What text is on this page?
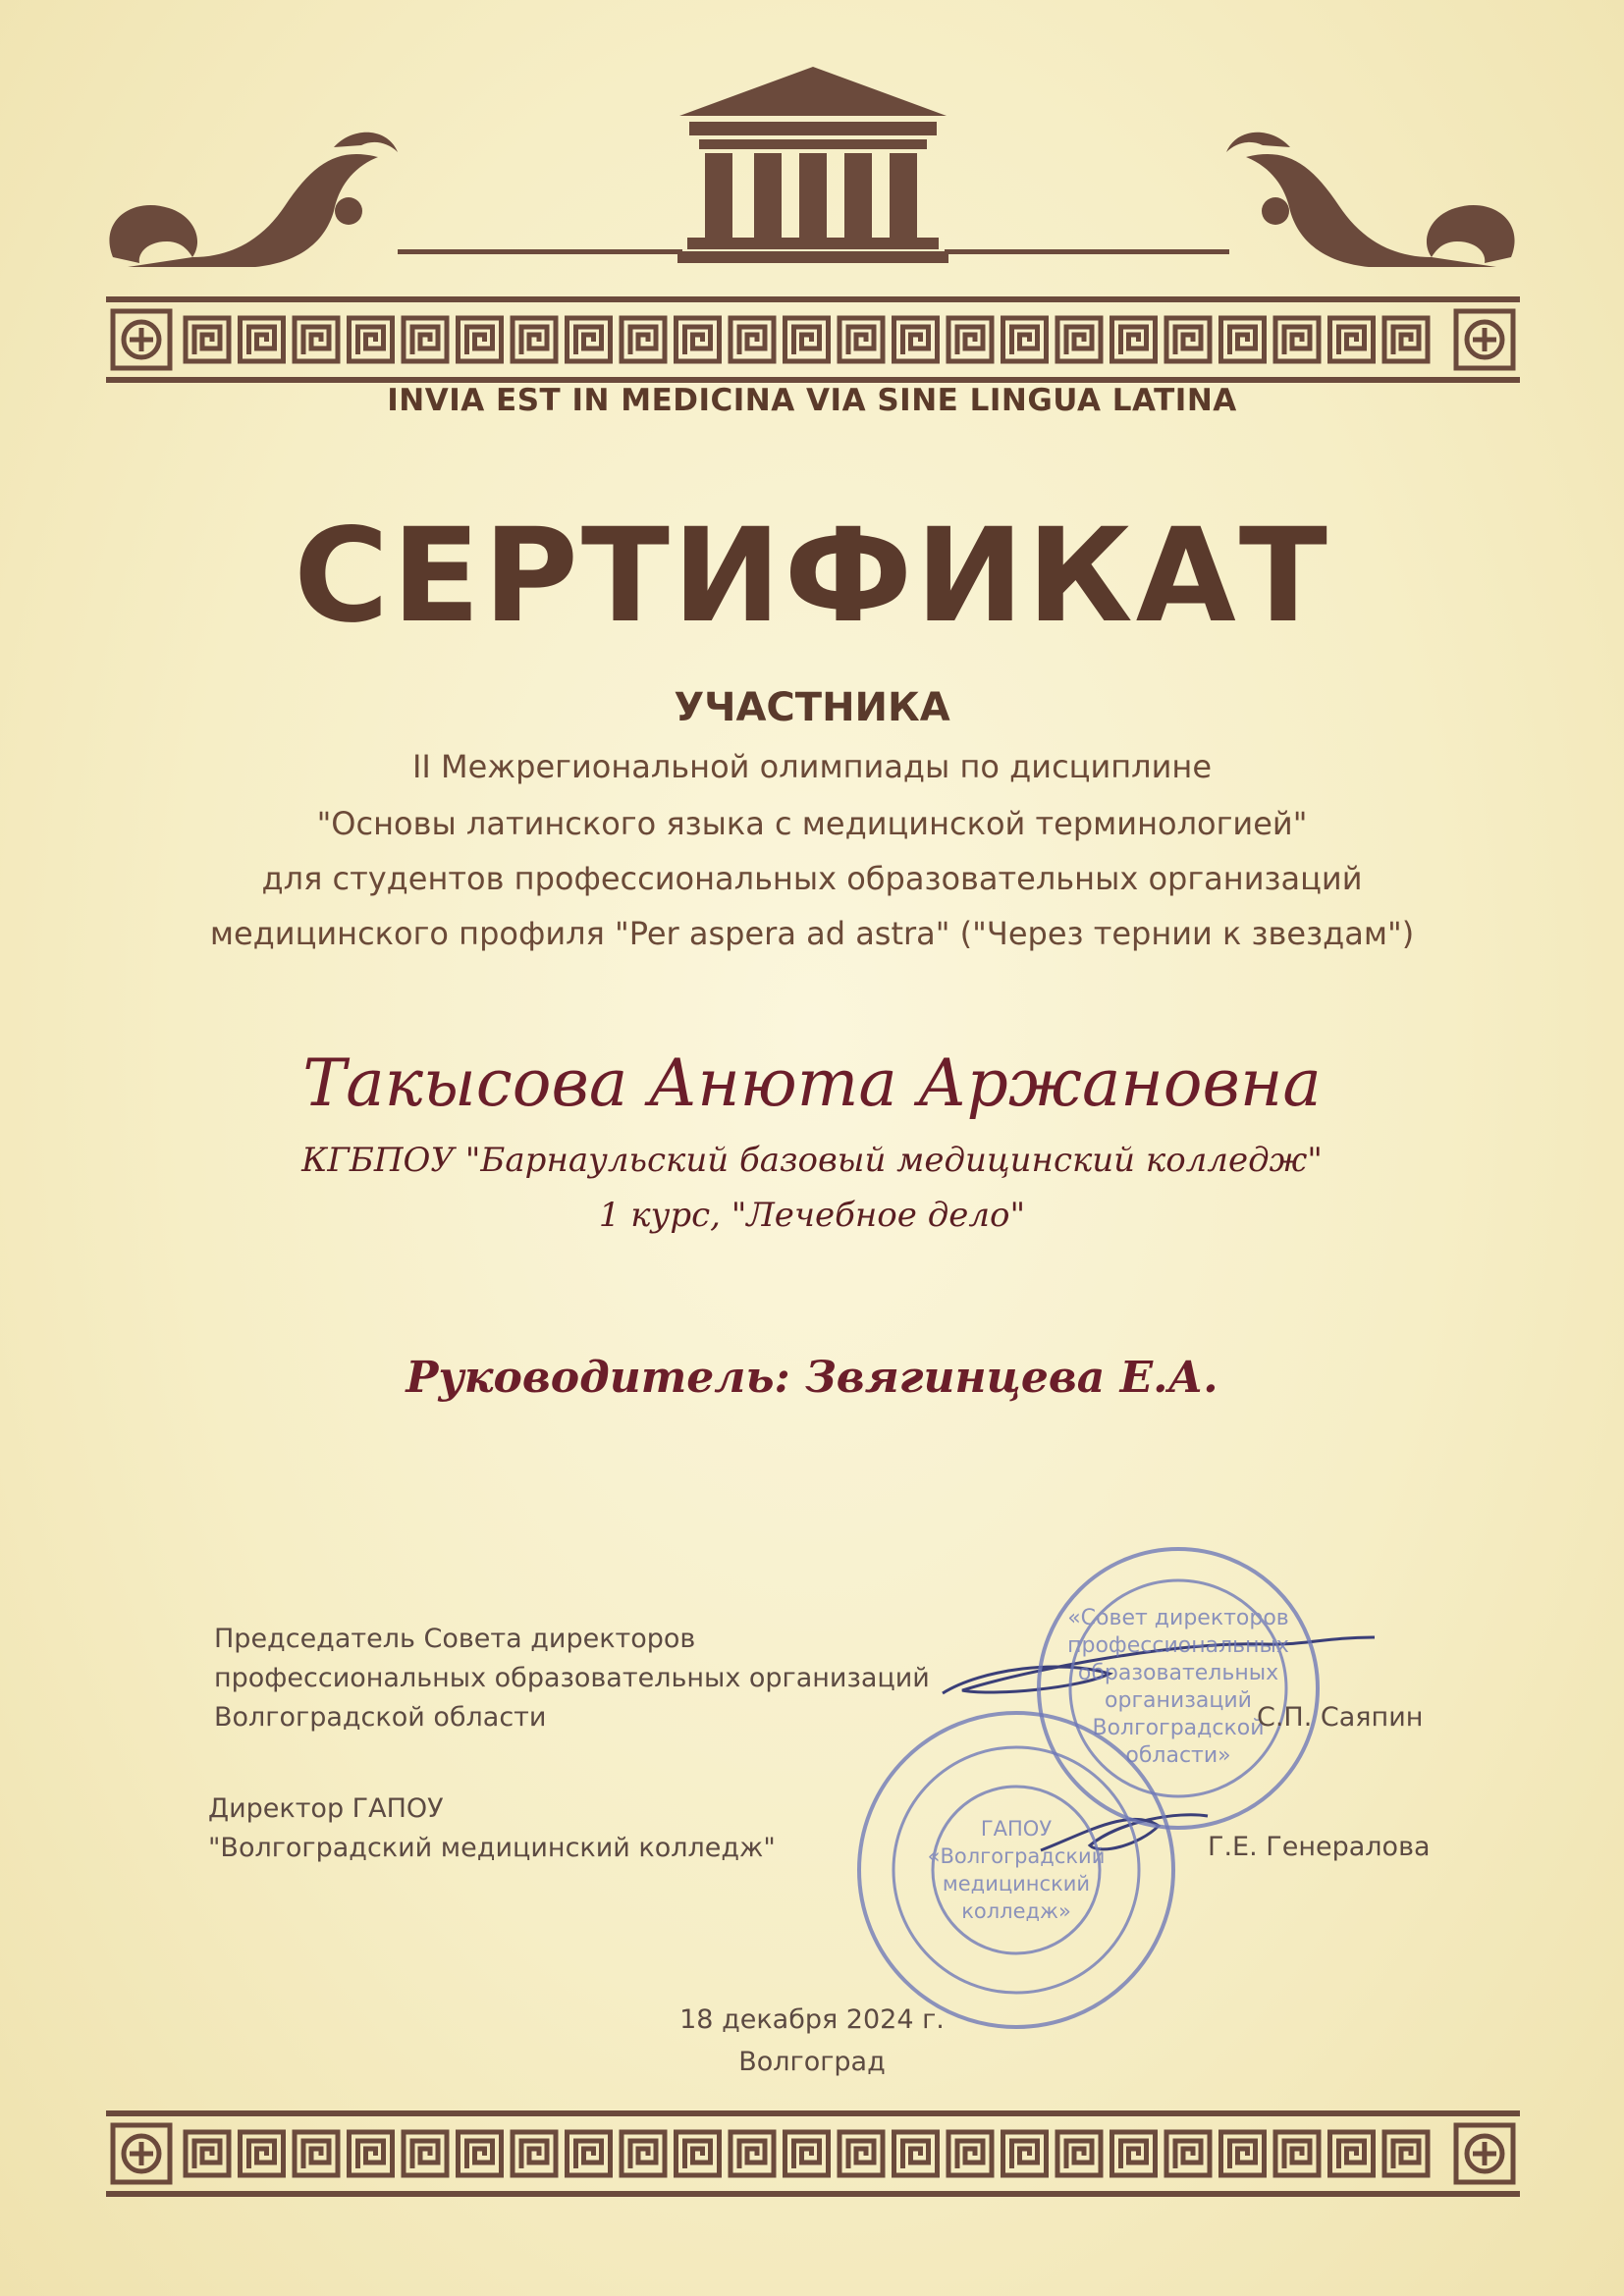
«Совет директоров
профессиональных
образовательных
организаций
Волгоградской
области»
ГАПОУ
«Волгоградский
медицинский
колледж»
INVIA EST IN MEDICINA VIA SINE LINGUA LATINA
СЕРТИФИКАТ
УЧАСТНИКА
II Межрегиональной олимпиады по дисциплине
"Основы латинского языка с медицинской терминологией"
для студентов профессиональных образовательных организаций
медицинского профиля "Per aspera ad astra" ("Через тернии к звездам")
Такысова Анюта Аржановна
КГБПОУ "Барнаульский базовый медицинский колледж"
1 курс, "Лечебное дело"
Руководитель: Звягинцева Е.А.
Председатель Совета директоров
профессиональных образовательных организаций
Волгоградской области	С.П. Саяпин
Директор ГАПОУ
"Волгоградский медицинский колледж"	Г.Е. Генералова
18 декабря 2024 г.
Волгоград
